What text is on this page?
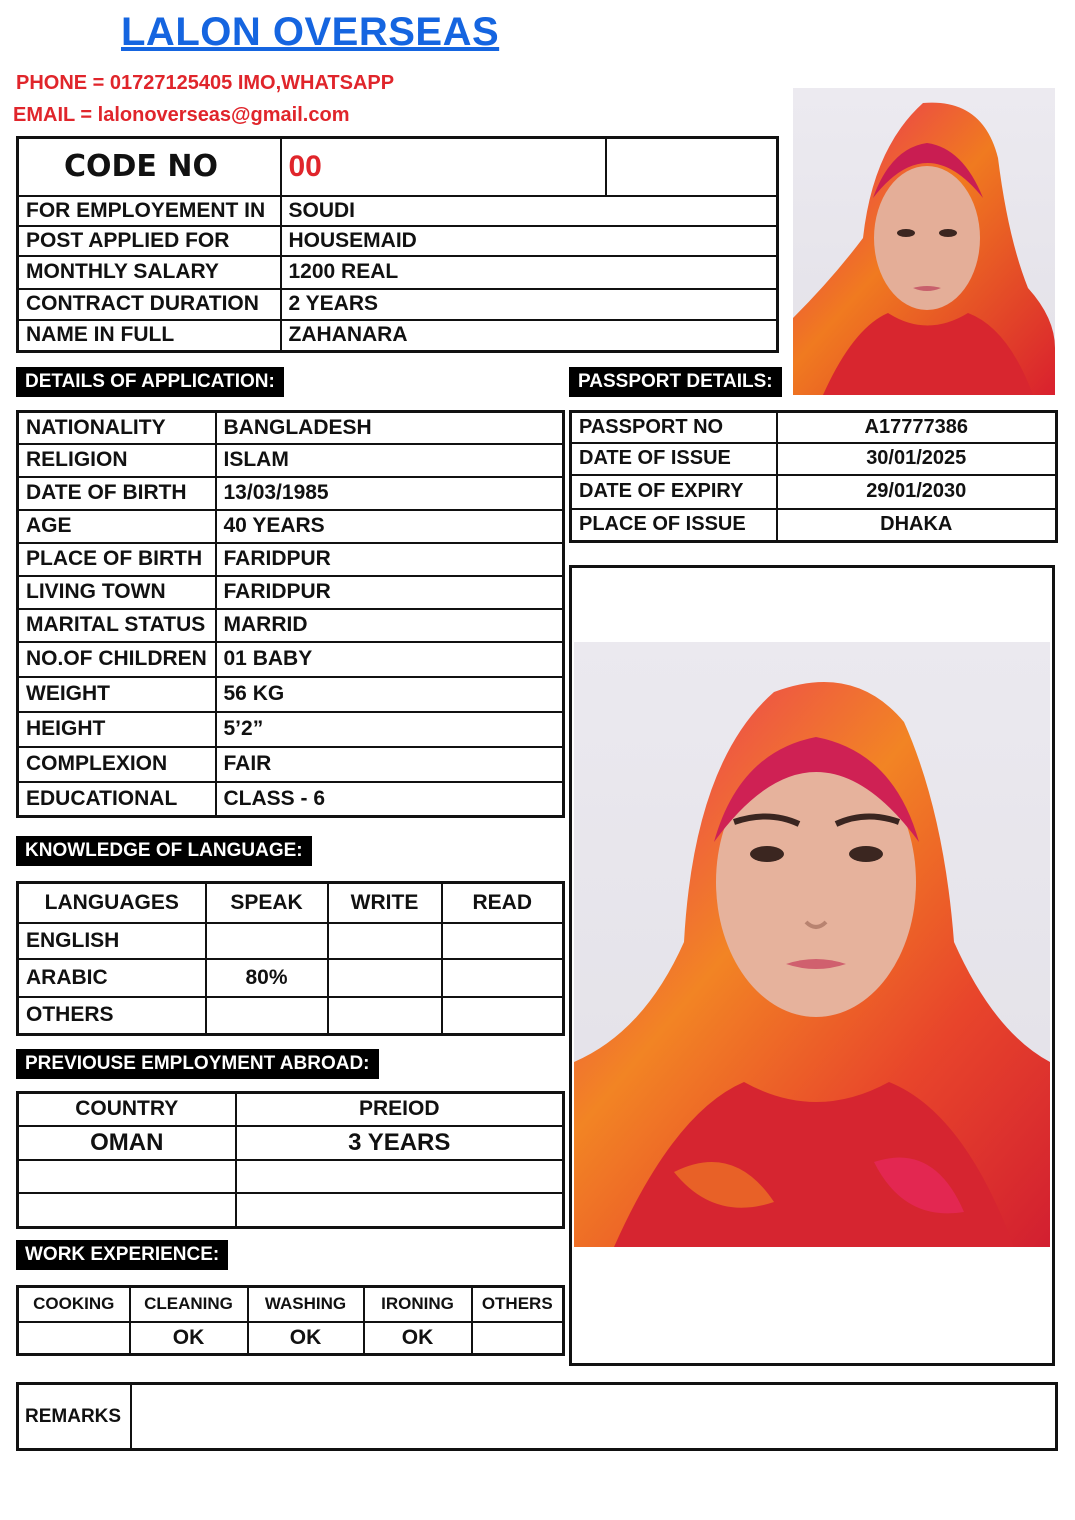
LALON OVERSEAS
PHONE = 01727125405 IMO,WHATSAPP
EMAIL = lalonoverseas@gmail.com
CODE NO	00	
FOR EMPLOYEMENT IN	SOUDI	
POST APPLIED FOR	HOUSEMAID	
MONTHLY SALARY	1200 REAL	
CONTRACT DURATION	2 YEARS	
NAME IN FULL	ZAHANARA	
DETAILS OF APPLICATION:	PASSPORT DETAILS:
NATIONALITY	BANGLADESH
RELIGION	ISLAM
DATE OF BIRTH	13/03/1985
AGE	40 YEARS
PLACE OF BIRTH	FARIDPUR
LIVING TOWN	FARIDPUR
MARITAL STATUS	MARRID
NO.OF CHILDREN	01 BABY
WEIGHT	56 KG
HEIGHT	5’2”
COMPLEXION	FAIR
EDUCATIONAL	CLASS - 6
PASSPORT NO	A17777386
DATE OF ISSUE	30/01/2025
DATE OF EXPIRY	29/01/2030
PLACE OF ISSUE	DHAKA
KNOWLEDGE OF LANGUAGE:
LANGUAGES	SPEAK	WRITE	READ
ENGLISH			
ARABIC	80%		
OTHERS			
PREVIOUSE EMPLOYMENT ABROAD:
COUNTRY	PREIOD
OMAN	3 YEARS

WORK EXPERIENCE:
COOKING	CLEANING	WASHING	IRONING	OTHERS
	OK	OK	OK	
REMARKS	
